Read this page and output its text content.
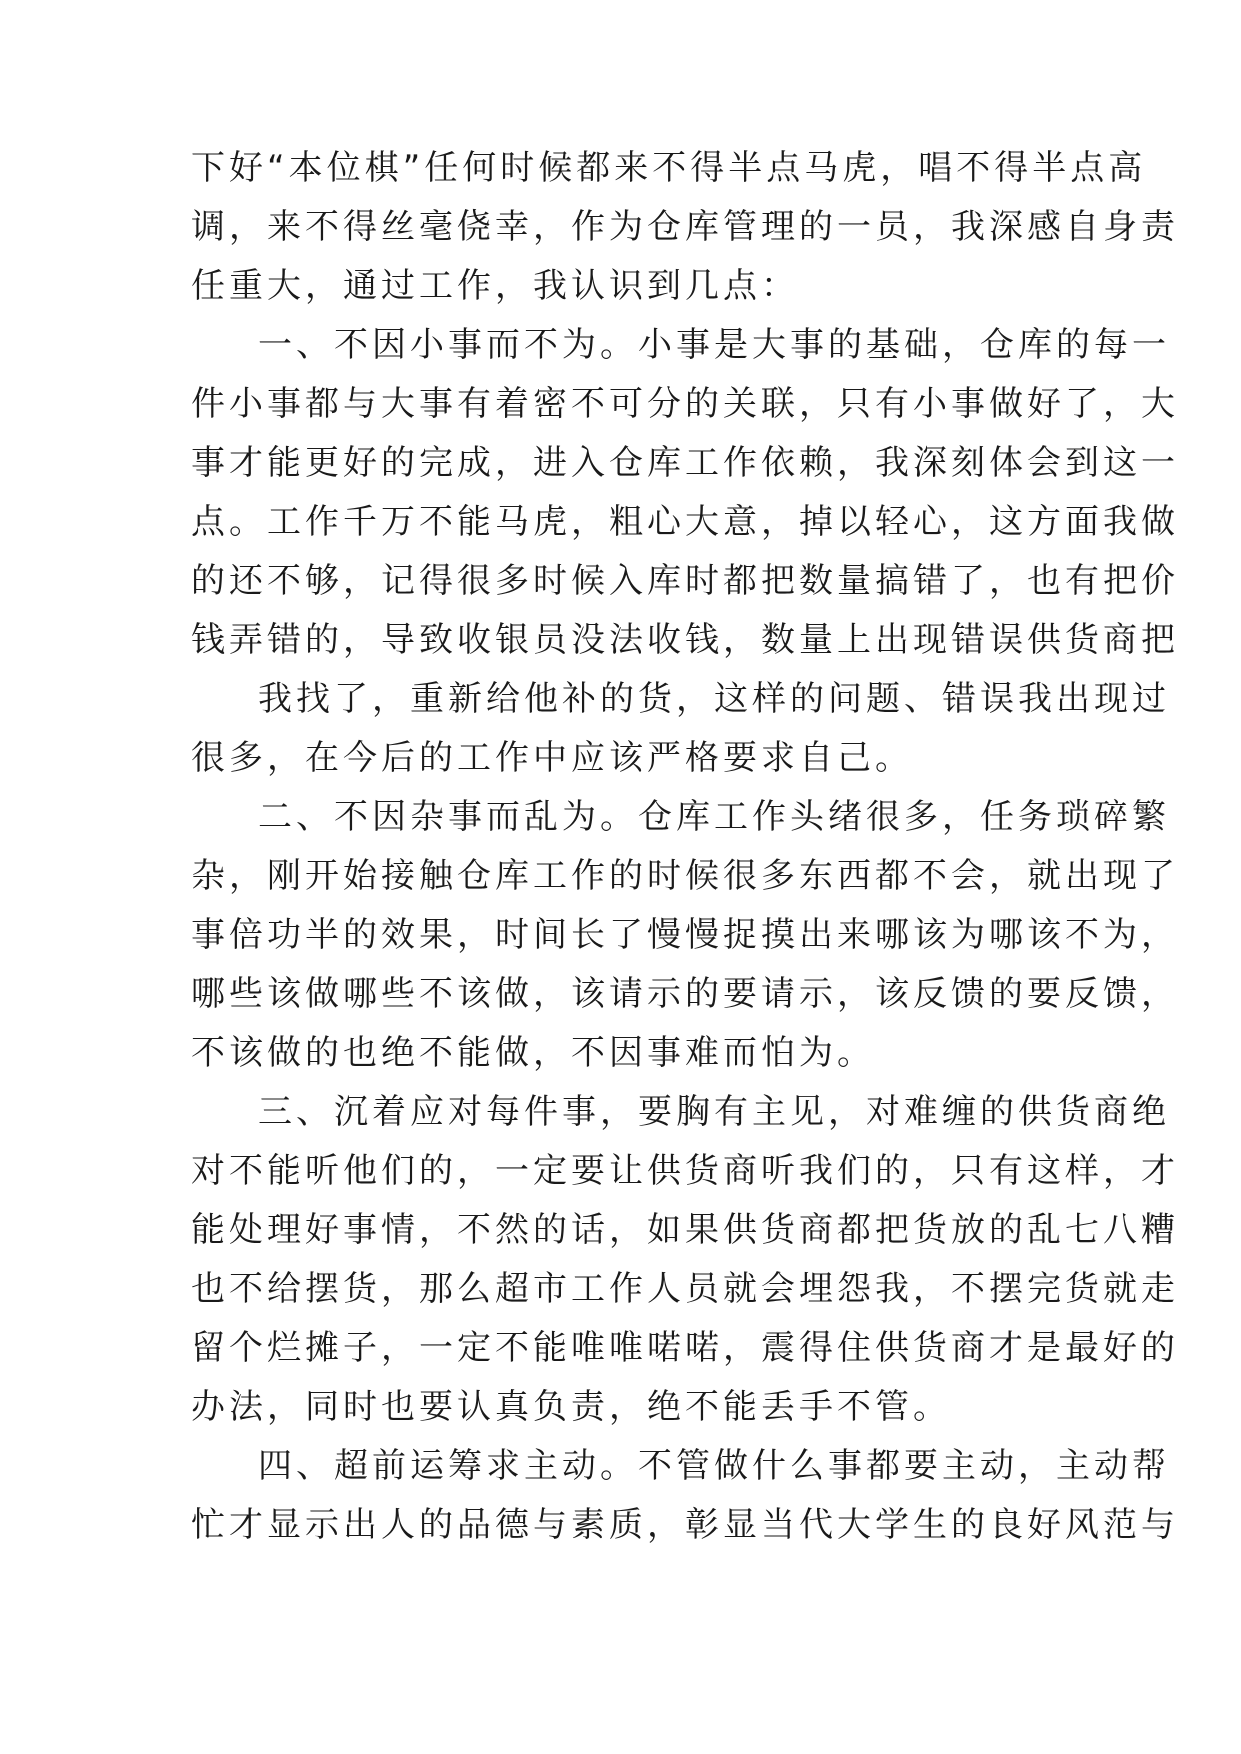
下好“本位棋”任何时候都来不得半点马虎，唱不得半点高
调，来不得丝毫侥幸，作为仓库管理的一员，我深感自身责
任重大，通过工作，我认识到几点：
一、不因小事而不为。小事是大事的基础，仓库的每一
件小事都与大事有着密不可分的关联，只有小事做好了，大
事才能更好的完成，进入仓库工作依赖，我深刻体会到这一
点。工作千万不能马虎，粗心大意，掉以轻心，这方面我做
的还不够，记得很多时候入库时都把数量搞错了，也有把价
钱弄错的，导致收银员没法收钱，数量上出现错误供货商把
我找了，重新给他补的货，这样的问题、错误我出现过
很多，在今后的工作中应该严格要求自己。
二、不因杂事而乱为。仓库工作头绪很多，任务琐碎繁
杂，刚开始接触仓库工作的时候很多东西都不会，就出现了
事倍功半的效果，时间长了慢慢捉摸出来哪该为哪该不为，
哪些该做哪些不该做，该请示的要请示，该反馈的要反馈，
不该做的也绝不能做，不因事难而怕为。
三、沉着应对每件事，要胸有主见，对难缠的供货商绝
对不能听他们的，一定要让供货商听我们的，只有这样，才
能处理好事情，不然的话，如果供货商都把货放的乱七八糟
也不给摆货，那么超市工作人员就会埋怨我，不摆完货就走
留个烂摊子，一定不能唯唯喏喏，震得住供货商才是最好的
办法，同时也要认真负责，绝不能丢手不管。
四、超前运筹求主动。不管做什么事都要主动，主动帮
忙才显示出人的品德与素质，彰显当代大学生的良好风范与
